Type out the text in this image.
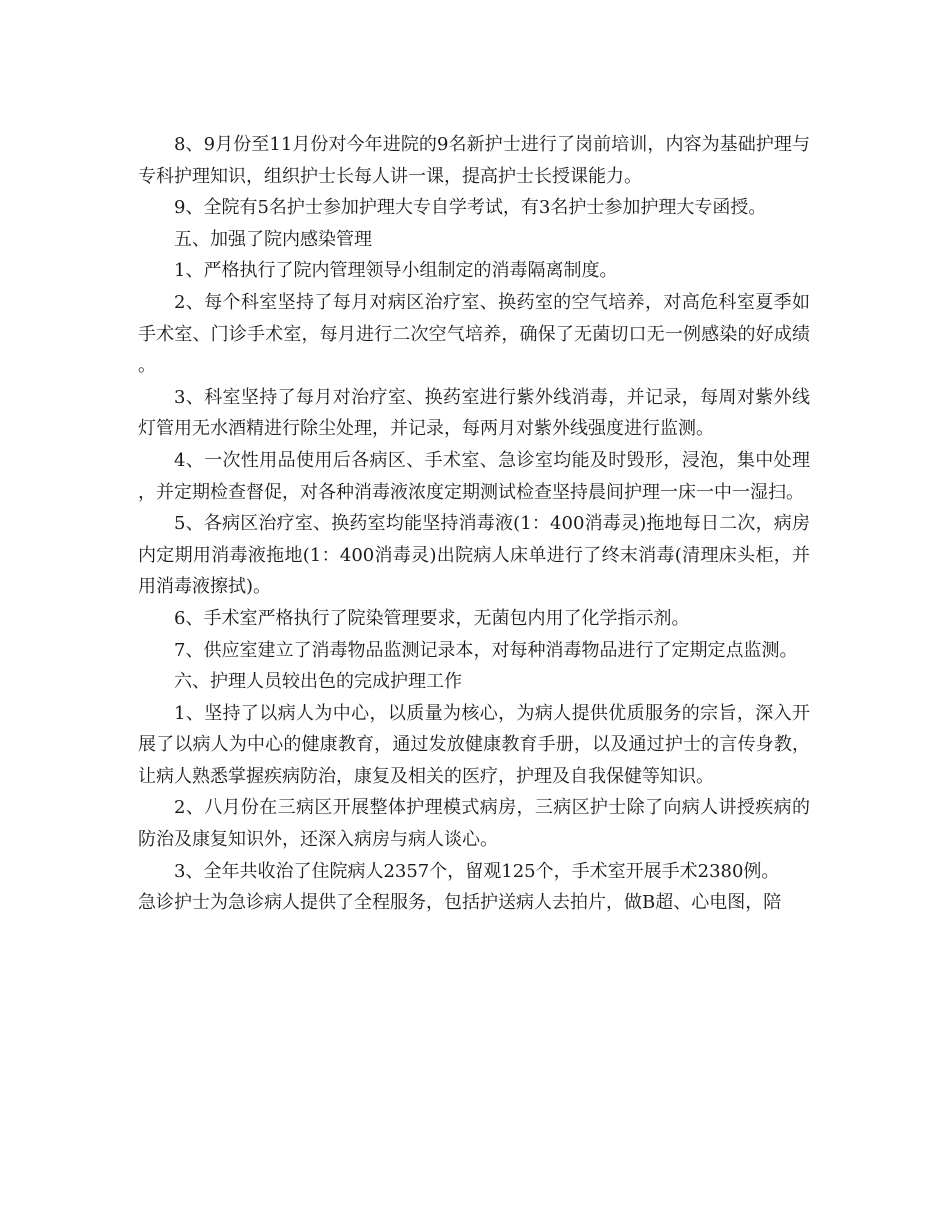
8、9月份至11月份对今年进院的9名新护士进行了岗前培训，内容为基础护理与专科护理知识，组织护士长每人讲一课，提高护士长授课能力。

9、全院有5名护士参加护理大专自学考试，有3名护士参加护理大专函授。

五、加强了院内感染管理

1、严格执行了院内管理领导小组制定的消毒隔离制度。

2、每个科室坚持了每月对病区治疗室、换药室的空气培养，对高危科室夏季如手术室、门诊手术室，每月进行二次空气培养，确保了无菌切口无一例感染的好成绩。

3、科室坚持了每月对治疗室、换药室进行紫外线消毒，并记录，每周对紫外线灯管用无水酒精进行除尘处理，并记录，每两月对紫外线强度进行监测。

4、一次性用品使用后各病区、手术室、急诊室均能及时毁形，浸泡，集中处理，并定期检查督促，对各种消毒液浓度定期测试检查坚持晨间护理一床一中一湿扫。

5、各病区治疗室、换药室均能坚持消毒液(1：400消毒灵)拖地每日二次，病房内定期用消毒液拖地(1：400消毒灵)出院病人床单进行了终末消毒(清理床头柜，并用消毒液擦拭)。

6、手术室严格执行了院染管理要求，无菌包内用了化学指示剂。

7、供应室建立了消毒物品监测记录本，对每种消毒物品进行了定期定点监测。

六、护理人员较出色的完成护理工作

1、坚持了以病人为中心，以质量为核心，为病人提供优质服务的宗旨，深入开展了以病人为中心的健康教育，通过发放健康教育手册，以及通过护士的言传身教，让病人熟悉掌握疾病防治，康复及相关的医疗，护理及自我保健等知识。

2、八月份在三病区开展整体护理模式病房，三病区护士除了向病人讲授疾病的防治及康复知识外，还深入病房与病人谈心。

3、全年共收治了住院病人2357个，留观125个，手术室开展手术2380例。

急诊护士为急诊病人提供了全程服务，包括护送病人去拍片，做B超、心电图，陪
